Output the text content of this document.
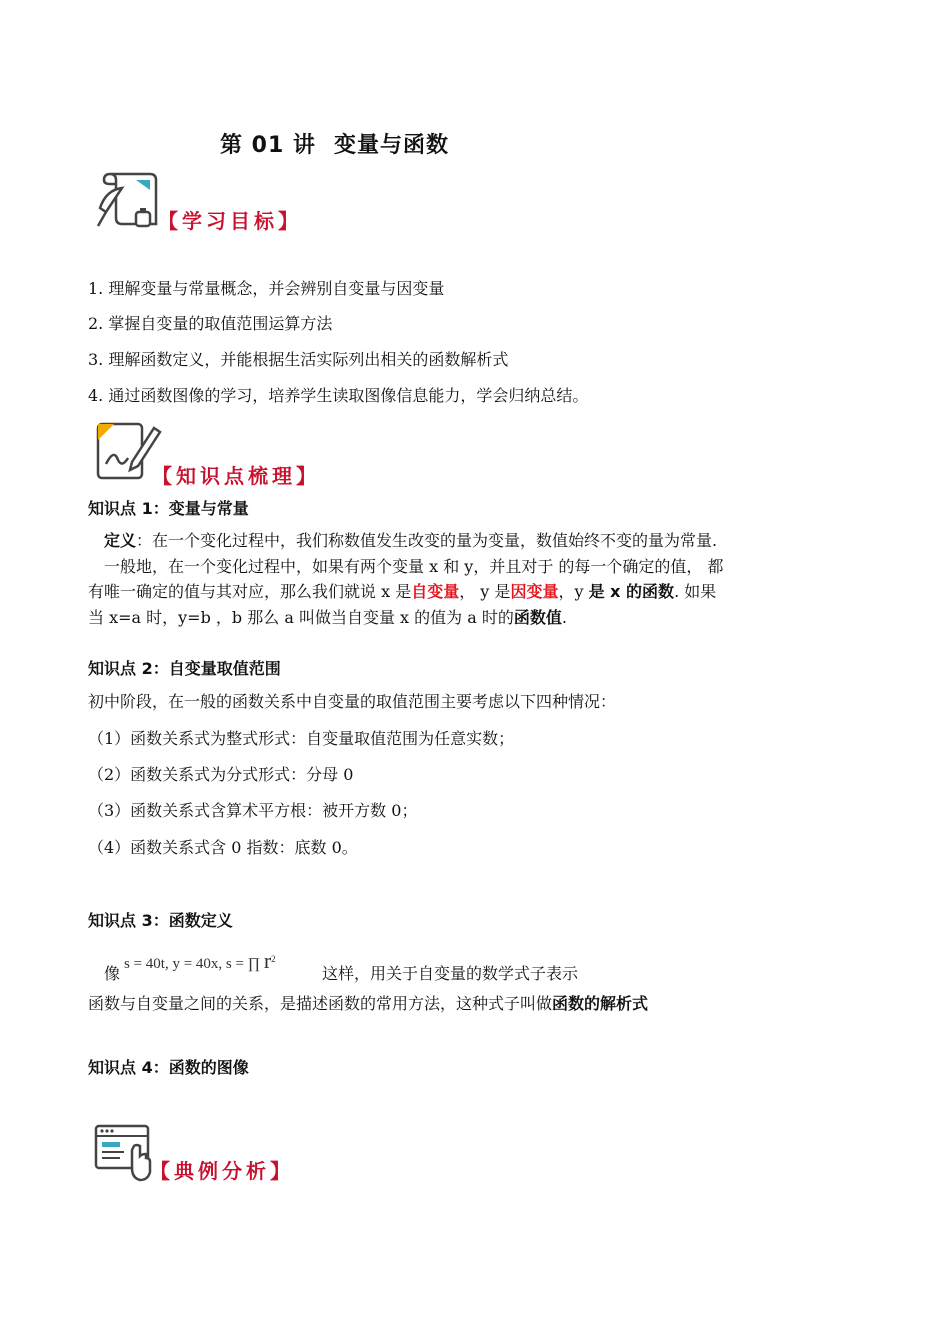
第 01 讲 变量与函数
【学习目标】
1. 理解变量与常量概念，并会辨别自变量与因变量
2. 掌握自变量的取值范围运算方法
3. 理解函数定义，并能根据生活实际列出相关的函数解析式
4. 通过函数图像的学习，培养学生读取图像信息能力，学会归纳总结。
【知识点梳理】
知识点 1：变量与常量
定义：在一个变化过程中，我们称数值发生改变的量为变量，数值始终不变的量为常量.
一般地，在一个变化过程中，如果有两个变量 x 和 y，并且对于 的每一个确定的值， 都
有唯一确定的值与其对应，那么我们就说 x 是自变量， y 是因变量，y 是 x 的函数. 如果
当 x=a 时，y=b ，b 那么 a 叫做当自变量 x 的值为 a 时的函数值.
知识点 2：自变量取值范围
初中阶段，在一般的函数关系中自变量的取值范围主要考虑以下四种情况：
（1）函数关系式为整式形式：自变量取值范围为任意实数；
（2）函数关系式为分式形式：分母 0
（3）函数关系式含算术平方根：被开方数 0；
（4）函数关系式含 0 指数：底数 0。
知识点 3：函数定义
像 s = 40t, y = 40x, s = ∏ $r^2$
这样，用关于自变量的数学式子表示
函数与自变量之间的关系，是描述函数的常用方法，这种式子叫做函数的解析式
知识点 4：函数的图像
【典例分析】
